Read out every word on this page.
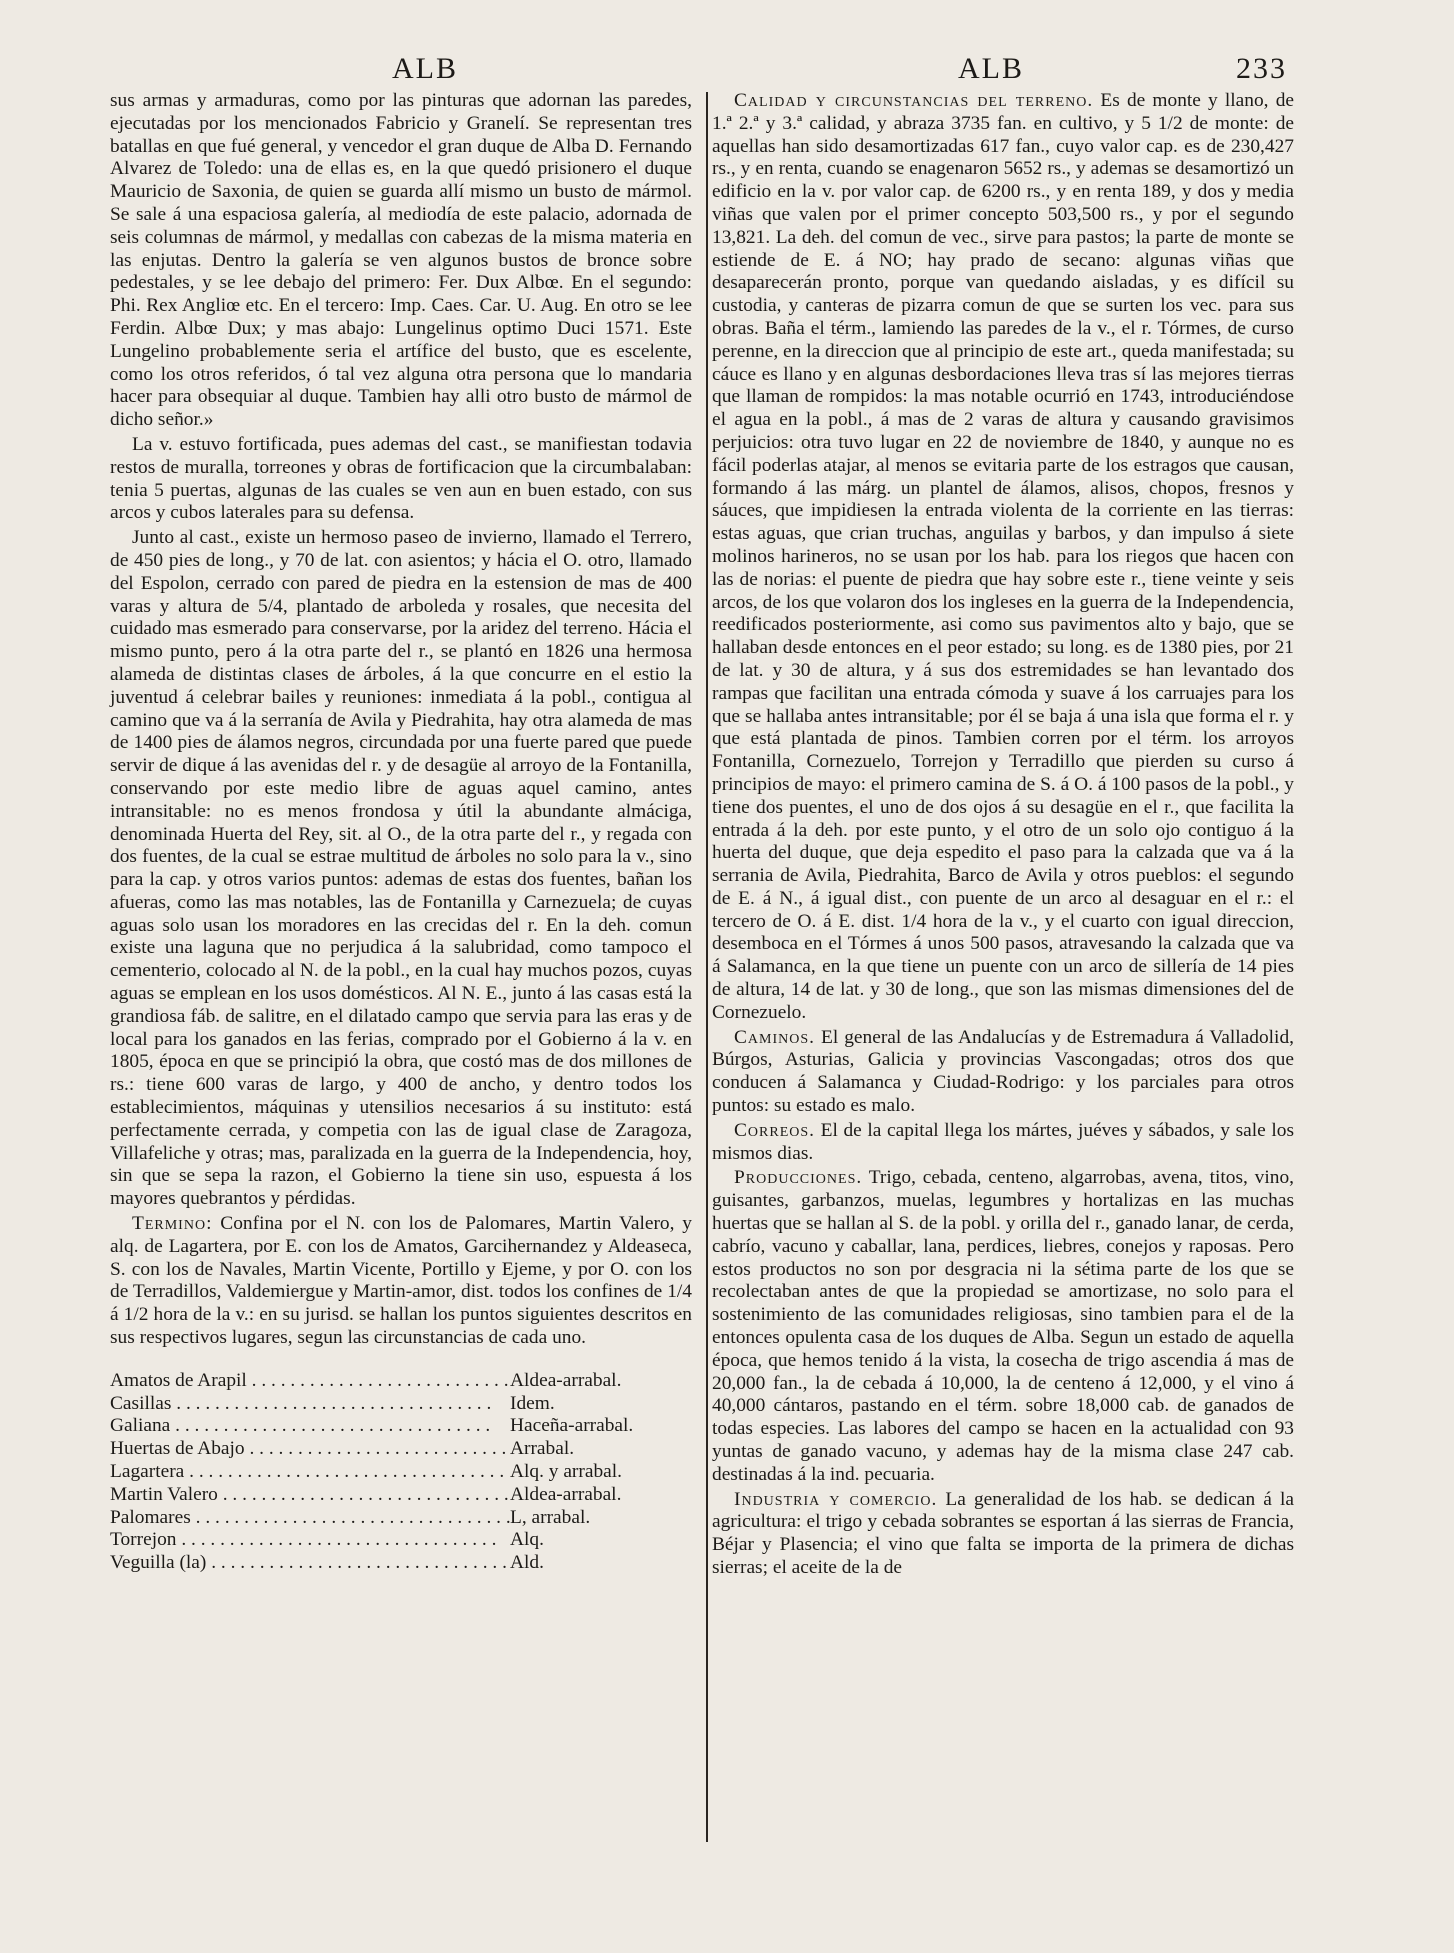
ALB	ALB	233

sus armas y armaduras, como por las pinturas que adornan las paredes, ejecutadas por los mencionados Fabricio y Granelí. Se representan tres batallas en que fué general, y vencedor el gran duque de Alba D. Fernando Alvarez de Toledo: una de ellas es, en la que quedó prisionero el duque Mauricio de Saxonia, de quien se guarda allí mismo un busto de mármol. Se sale á una espaciosa galería, al mediodía de este palacio, adornada de seis columnas de mármol, y medallas con cabezas de la misma materia en las enjutas. Dentro la galería se ven algunos bustos de bronce sobre pedestales, y se lee debajo del primero: Fer. Dux Albœ. En el segundo: Phi. Rex Angliœ etc. En el tercero: Imp. Caes. Car. U. Aug. En otro se lee Ferdin. Albœ Dux; y mas abajo: Lungelinus optimo Duci 1571. Este Lungelino probablemente seria el artífice del busto, que es escelente, como los otros referidos, ó tal vez alguna otra persona que lo mandaria hacer para obsequiar al duque. Tambien hay alli otro busto de mármol de dicho señor.»

La v. estuvo fortificada, pues ademas del cast., se manifiestan todavia restos de muralla, torreones y obras de fortificacion que la circumbalaban: tenia 5 puertas, algunas de las cuales se ven aun en buen estado, con sus arcos y cubos laterales para su defensa.

Junto al cast., existe un hermoso paseo de invierno, llamado el Terrero, de 450 pies de long., y 70 de lat. con asientos; y hácia el O. otro, llamado del Espolon, cerrado con pared de piedra en la estension de mas de 400 varas y altura de 5/4, plantado de arboleda y rosales, que necesita del cuidado mas esmerado para conservarse, por la aridez del terreno. Hácia el mismo punto, pero á la otra parte del r., se plantó en 1826 una hermosa alameda de distintas clases de árboles, á la que concurre en el estio la juventud á celebrar bailes y reuniones: inmediata á la pobl., contigua al camino que va á la serranía de Avila y Piedrahita, hay otra alameda de mas de 1400 pies de álamos negros, circundada por una fuerte pared que puede servir de dique á las avenidas del r. y de desagüe al arroyo de la Fontanilla, conservando por este medio libre de aguas aquel camino, antes intransitable: no es menos frondosa y útil la abundante almáciga, denominada Huerta del Rey, sit. al O., de la otra parte del r., y regada con dos fuentes, de la cual se estrae multitud de árboles no solo para la v., sino para la cap. y otros varios puntos: ademas de estas dos fuentes, bañan los afueras, como las mas notables, las de Fontanilla y Carnezuela; de cuyas aguas solo usan los moradores en las crecidas del r. En la deh. comun existe una laguna que no perjudica á la salubridad, como tampoco el cementerio, colocado al N. de la pobl., en la cual hay muchos pozos, cuyas aguas se emplean en los usos domésticos. Al N. E., junto á las casas está la grandiosa fáb. de salitre, en el dilatado campo que servia para las eras y de local para los ganados en las ferias, comprado por el Gobierno á la v. en 1805, época en que se principió la obra, que costó mas de dos millones de rs.: tiene 600 varas de largo, y 400 de ancho, y dentro todos los establecimientos, máquinas y utensilios necesarios á su instituto: está perfectamente cerrada, y competia con las de igual clase de Zaragoza, Villafeliche y otras; mas, paralizada en la guerra de la Independencia, hoy, sin que se sepa la razon, el Gobierno la tiene sin uso, espuesta á los mayores quebrantos y pérdidas.

Termino: Confina por el N. con los de Palomares, Martin Valero, y alq. de Lagartera, por E. con los de Amatos, Garcihernandez y Aldeaseca, S. con los de Navales, Martin Vicente, Portillo y Ejeme, y por O. con los de Terradillos, Valdemiergue y Martin-amor, dist. todos los confines de 1/4 á 1/2 hora de la v.: en su jurisd. se hallan los puntos siguientes descritos en sus respectivos lugares, segun las circunstancias de cada uno.

Amatos de Arapil . . .	Aldea-arrabal.
Casillas . . .	Idem.
Galiana . . .	Haceña-arrabal.
Huertas de Abajo . . .	Arrabal.
Lagartera . . .	Alq. y arrabal.
Martin Valero . . .	Aldea-arrabal.
Palomares . . .	L, arrabal.
Torrejon . . .	Alq.
Veguilla (la) . . .	Ald.

Calidad y circunstancias del terreno. Es de monte y llano, de 1.ª 2.ª y 3.ª calidad, y abraza 3735 fan. en cultivo, y 5 1/2 de monte: de aquellas han sido desamortizadas 617 fan., cuyo valor cap. es de 230,427 rs., y en renta, cuando se enagenaron 5652 rs., y ademas se desamortizó un edificio en la v. por valor cap. de 6200 rs., y en renta 189, y dos y media viñas que valen por el primer concepto 503,500 rs., y por el segundo 13,821. La deh. del comun de vec., sirve para pastos; la parte de monte se estiende de E. á NO; hay prado de secano: algunas viñas que desaparecerán pronto, porque van quedando aisladas, y es difícil su custodia, y canteras de pizarra comun de que se surten los vec. para sus obras. Baña el térm., lamiendo las paredes de la v., el r. Tórmes, de curso perenne, en la direccion que al principio de este art., queda manifestada; su cáuce es llano y en algunas desbordaciones lleva tras sí las mejores tierras que llaman de rompidos: la mas notable ocurrió en 1743, introduciéndose el agua en la pobl., á mas de 2 varas de altura y causando gravisimos perjuicios: otra tuvo lugar en 22 de noviembre de 1840, y aunque no es fácil poderlas atajar, al menos se evitaria parte de los estragos que causan, formando á las márg. un plantel de álamos, alisos, chopos, fresnos y sáuces, que impidiesen la entrada violenta de la corriente en las tierras: estas aguas, que crian truchas, anguilas y barbos, y dan impulso á siete molinos harineros, no se usan por los hab. para los riegos que hacen con las de norias: el puente de piedra que hay sobre este r., tiene veinte y seis arcos, de los que volaron dos los ingleses en la guerra de la Independencia, reedificados posteriormente, asi como sus pavimentos alto y bajo, que se hallaban desde entonces en el peor estado; su long. es de 1380 pies, por 21 de lat. y 30 de altura, y á sus dos estremidades se han levantado dos rampas que facilitan una entrada cómoda y suave á los carruajes para los que se hallaba antes intransitable; por él se baja á una isla que forma el r. y que está plantada de pinos. Tambien corren por el térm. los arroyos Fontanilla, Cornezuelo, Torrejon y Terradillo que pierden su curso á principios de mayo: el primero camina de S. á O. á 100 pasos de la pobl., y tiene dos puentes, el uno de dos ojos á su desagüe en el r., que facilita la entrada á la deh. por este punto, y el otro de un solo ojo contiguo á la huerta del duque, que deja espedito el paso para la calzada que va á la serrania de Avila, Piedrahita, Barco de Avila y otros pueblos: el segundo de E. á N., á igual dist., con puente de un arco al desaguar en el r.: el tercero de O. á E. dist. 1/4 hora de la v., y el cuarto con igual direccion, desemboca en el Tórmes á unos 500 pasos, atravesando la calzada que va á Salamanca, en la que tiene un puente con un arco de sillería de 14 pies de altura, 14 de lat. y 30 de long., que son las mismas dimensiones del de Cornezuelo.

Caminos. El general de las Andalucías y de Estremadura á Valladolid, Búrgos, Asturias, Galicia y provincias Vascongadas; otros dos que conducen á Salamanca y Ciudad-Rodrigo: y los parciales para otros puntos: su estado es malo.

Correos. El de la capital llega los mártes, juéves y sábados, y sale los mismos dias.

Producciones. Trigo, cebada, centeno, algarrobas, avena, titos, vino, guisantes, garbanzos, muelas, legumbres y hortalizas en las muchas huertas que se hallan al S. de la pobl. y orilla del r., ganado lanar, de cerda, cabrío, vacuno y caballar, lana, perdices, liebres, conejos y raposas. Pero estos productos no son por desgracia ni la sétima parte de los que se recolectaban antes de que la propiedad se amortizase, no solo para el sostenimiento de las comunidades religiosas, sino tambien para el de la entonces opulenta casa de los duques de Alba. Segun un estado de aquella época, que hemos tenido á la vista, la cosecha de trigo ascendia á mas de 20,000 fan., la de cebada á 10,000, la de centeno á 12,000, y el vino á 40,000 cántaros, pastando en el térm. sobre 18,000 cab. de ganados de todas especies. Las labores del campo se hacen en la actualidad con 93 yuntas de ganado vacuno, y ademas hay de la misma clase 247 cab. destinadas á la ind. pecuaria.

Industria y comercio. La generalidad de los hab. se dedican á la agricultura: el trigo y cebada sobrantes se esportan á las sierras de Francia, Béjar y Plasencia; el vino que falta se importa de la primera de dichas sierras; el aceite de la de
